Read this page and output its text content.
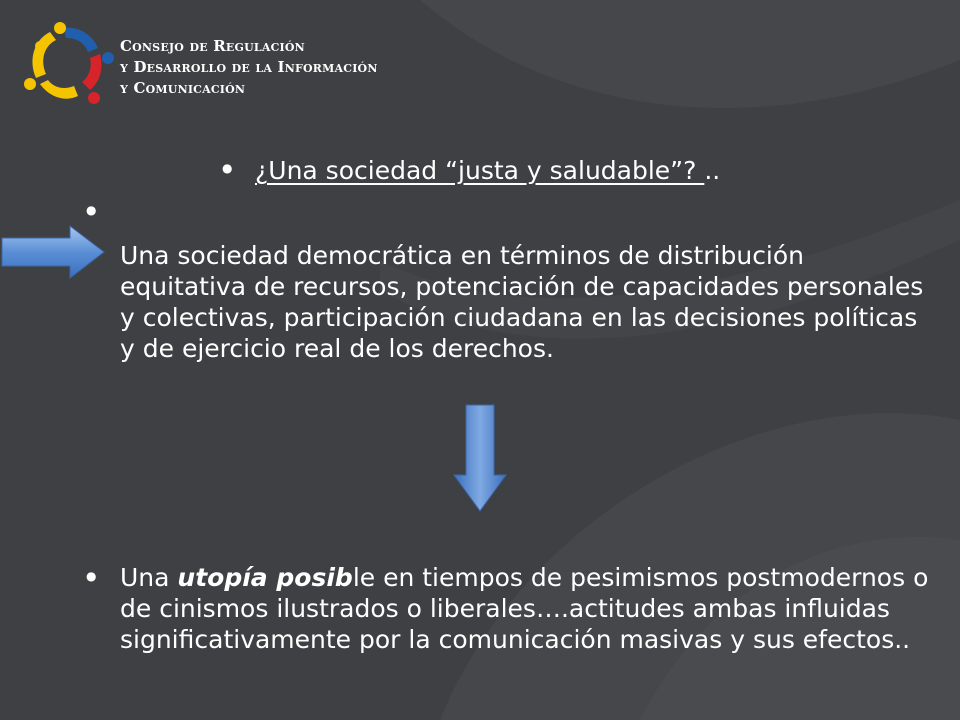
Consejo de Regulación
y Desarrollo de la Información
y Comunicación
● ¿Una sociedad “justa y saludable”? ..
●
Una sociedad democrática en términos de distribución equitativa de recursos, potenciación de capacidades personales y colectivas, participación ciudadana en las decisiones políticas y de ejercicio real de los derechos.
● Una utopía posible en tiempos de pesimismos postmodernos o de cinismos ilustrados o liberales….actitudes ambas influidas significativamente por la comunicación masivas y sus efectos..
